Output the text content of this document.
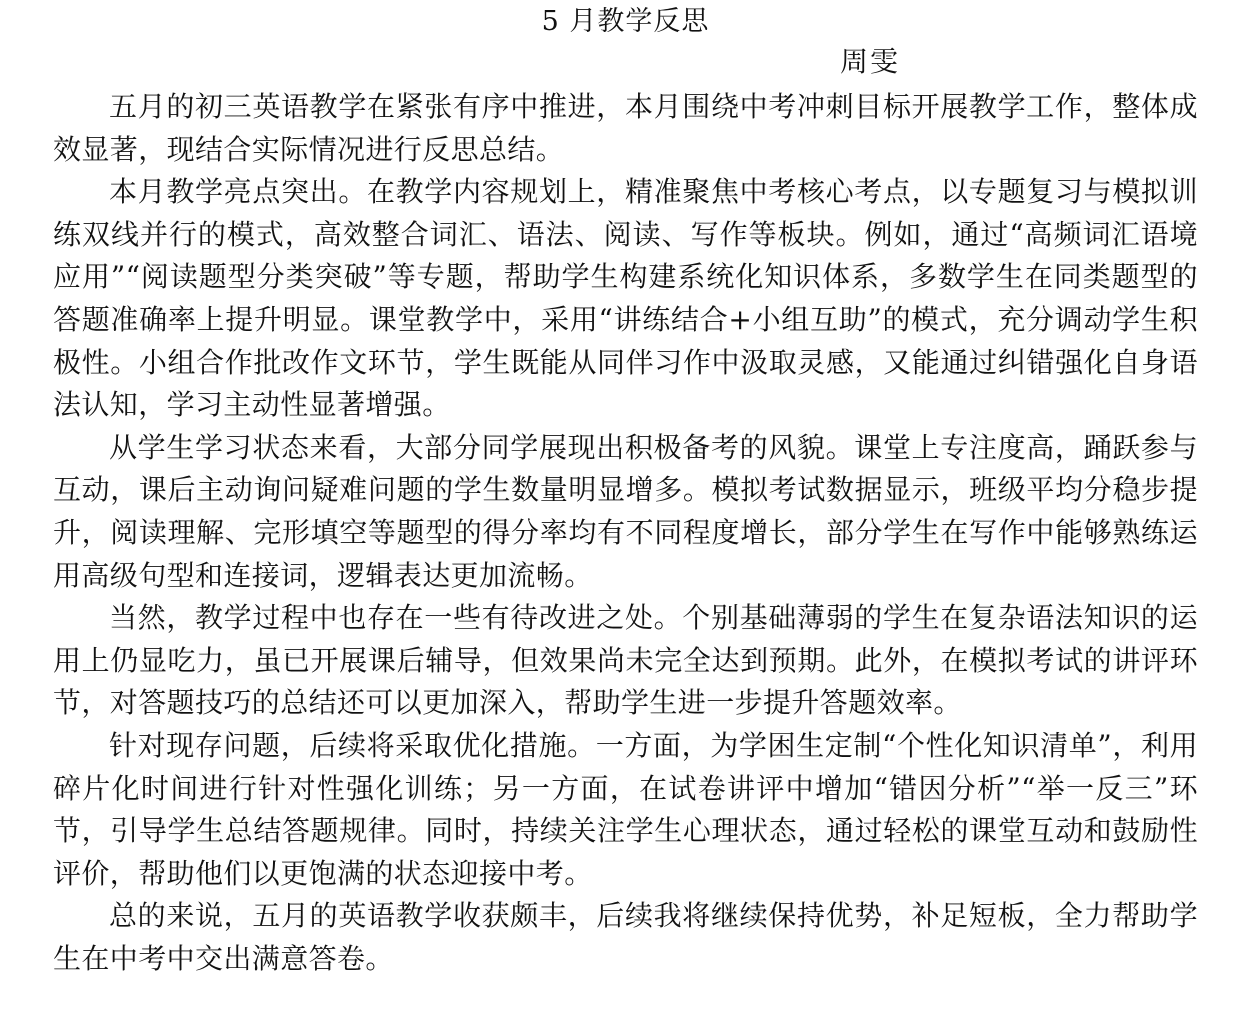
5 月教学反思
周雯

五月的初三英语教学在紧张有序中推进，本月围绕中考冲刺目标开展教学工作，整体成效显著，现结合实际情况进行反思总结。

本月教学亮点突出。在教学内容规划上，精准聚焦中考核心考点，以专题复习与模拟训练双线并行的模式，高效整合词汇、语法、阅读、写作等板块。例如，通过“高频词汇语境应用”“阅读题型分类突破”等专题，帮助学生构建系统化知识体系，多数学生在同类题型的答题准确率上提升明显。课堂教学中，采用“讲练结合+小组互助”的模式，充分调动学生积极性。小组合作批改作文环节，学生既能从同伴习作中汲取灵感，又能通过纠错强化自身语法认知，学习主动性显著增强。

从学生学习状态来看，大部分同学展现出积极备考的风貌。课堂上专注度高，踊跃参与互动，课后主动询问疑难问题的学生数量明显增多。模拟考试数据显示，班级平均分稳步提升，阅读理解、完形填空等题型的得分率均有不同程度增长，部分学生在写作中能够熟练运用高级句型和连接词，逻辑表达更加流畅。

当然，教学过程中也存在一些有待改进之处。个别基础薄弱的学生在复杂语法知识的运用上仍显吃力，虽已开展课后辅导，但效果尚未完全达到预期。此外，在模拟考试的讲评环节，对答题技巧的总结还可以更加深入，帮助学生进一步提升答题效率。

针对现存问题，后续将采取优化措施。一方面，为学困生定制“个性化知识清单”，利用碎片化时间进行针对性强化训练；另一方面，在试卷讲评中增加“错因分析”“举一反三”环节，引导学生总结答题规律。同时，持续关注学生心理状态，通过轻松的课堂互动和鼓励性评价，帮助他们以更饱满的状态迎接中考。

总的来说，五月的英语教学收获颇丰，后续我将继续保持优势，补足短板，全力帮助学生在中考中交出满意答卷。
